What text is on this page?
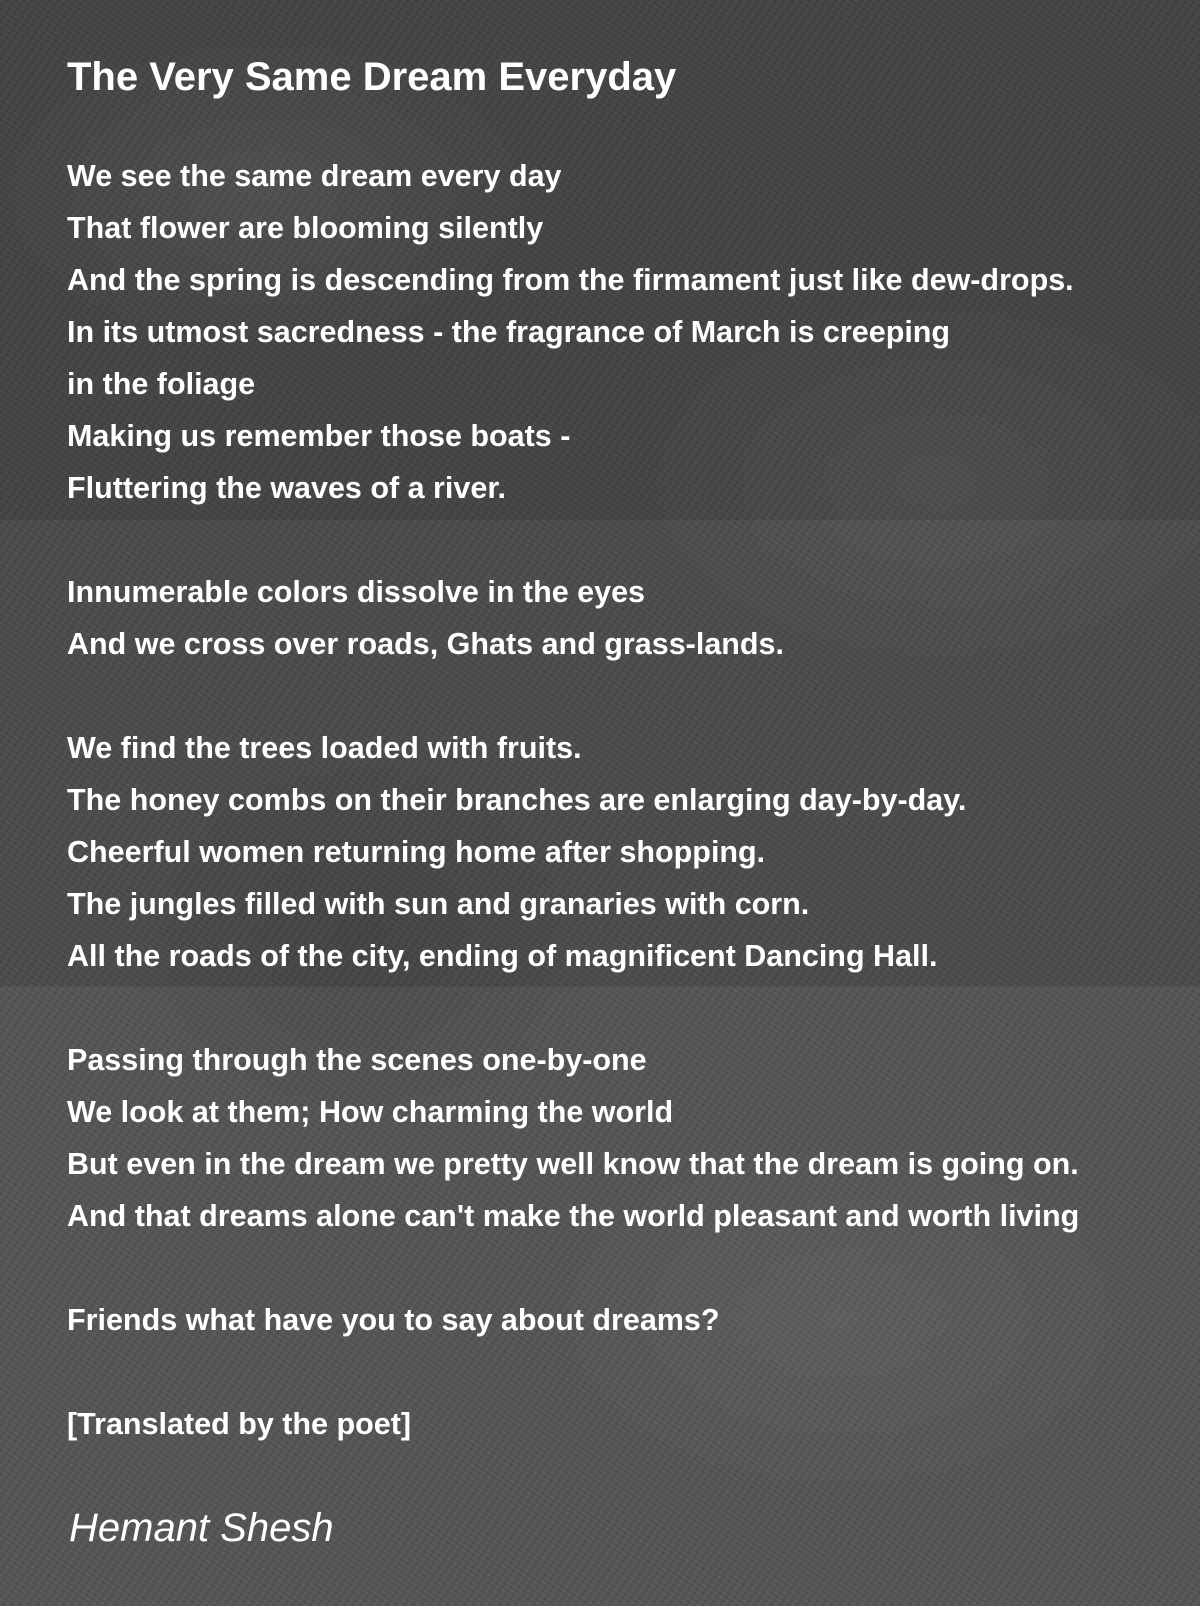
The Very Same Dream Everyday

We see the same dream every day
That flower are blooming silently
And the spring is descending from the firmament just like dew-drops.
In its utmost sacredness - the fragrance of March is creeping
in the foliage
Making us remember those boats -
Fluttering the waves of a river.

Innumerable colors dissolve in the eyes
And we cross over roads, Ghats and grass-lands.

We find the trees loaded with fruits.
The honey combs on their branches are enlarging day-by-day.
Cheerful women returning home after shopping.
The jungles filled with sun and granaries with corn.
All the roads of the city, ending of magnificent Dancing Hall.

Passing through the scenes one-by-one
We look at them; How charming the world
But even in the dream we pretty well know that the dream is going on.
And that dreams alone can't make the world pleasant and worth living

Friends what have you to say about dreams?

[Translated by the poet]

Hemant Shesh
